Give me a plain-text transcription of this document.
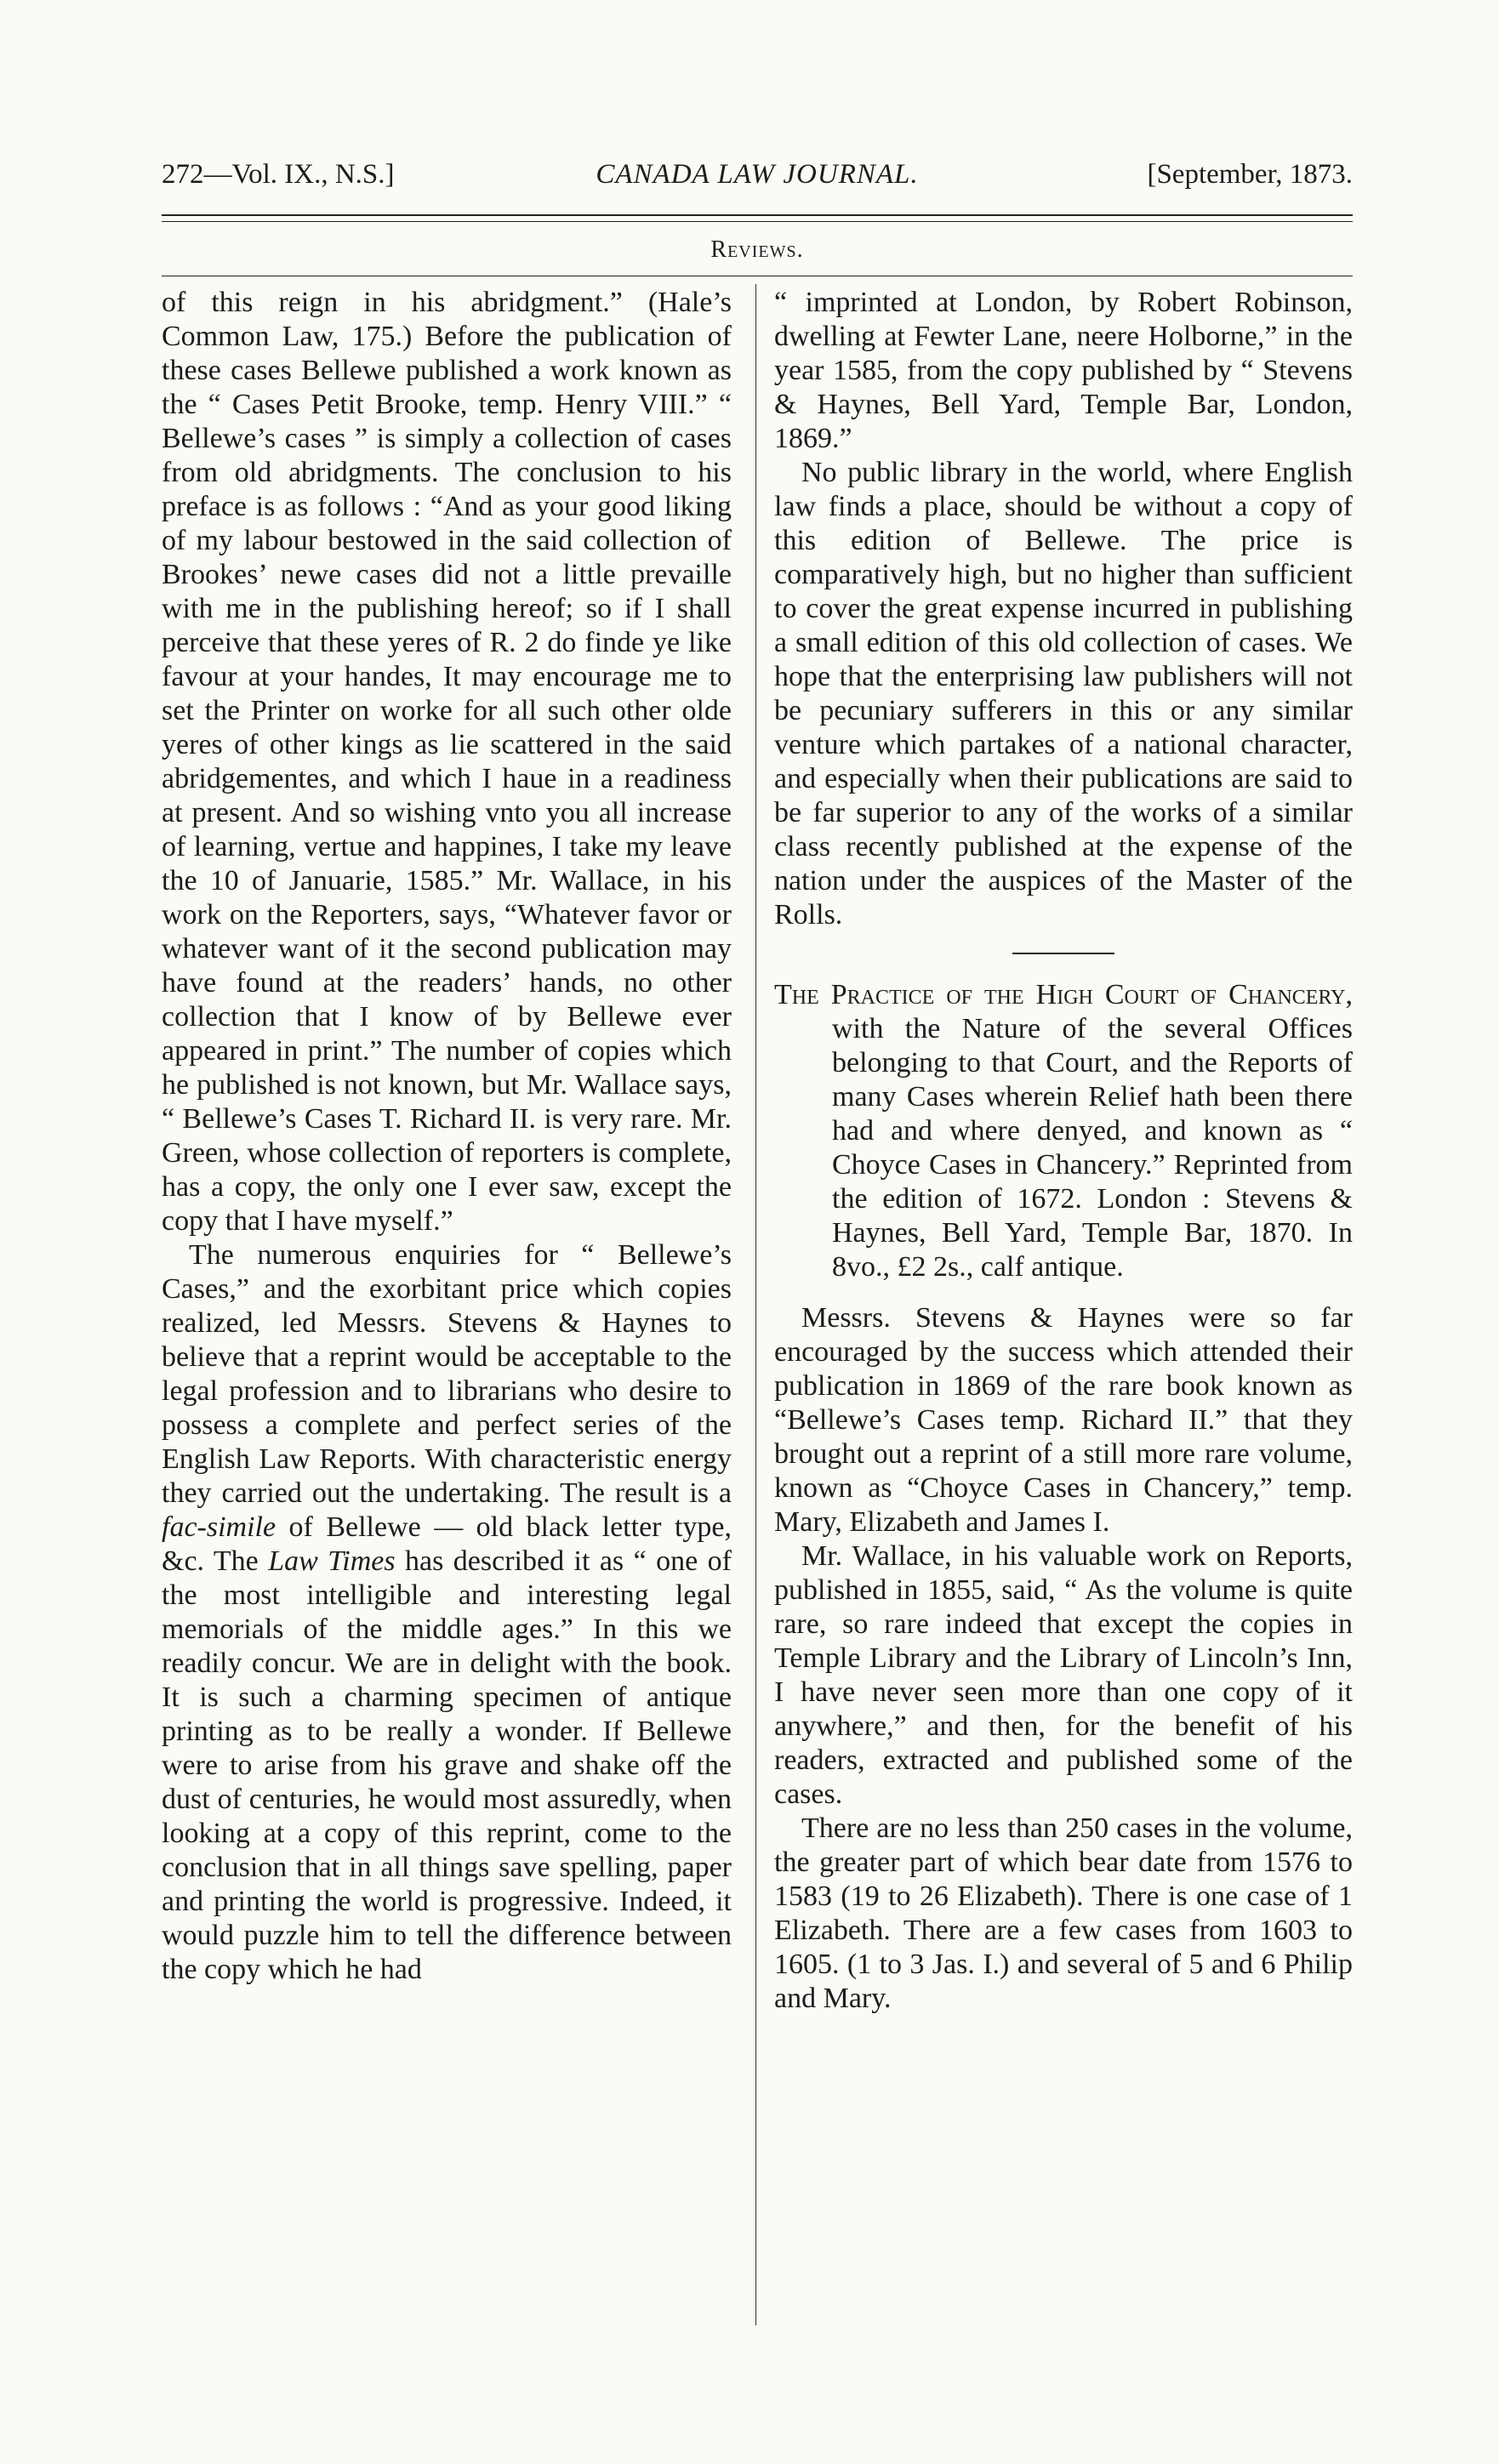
272—Vol. IX., N.S.]	CANADA LAW JOURNAL.	[September, 1873.
Reviews.

of this reign in his abridgment.” (Hale’s Common Law, 175.) Before the publication of these cases Bellewe published a work known as the “ Cases Petit Brooke, temp. Henry VIII.” “ Bellewe’s cases ” is simply a collection of cases from old abridgments. The conclusion to his preface is as follows : “And as your good liking of my labour bestowed in the said collection of Brookes’ newe cases did not a little prevaille with me in the publishing hereof; so if I shall perceive that these yeres of R. 2 do finde ye like favour at your handes, It may encourage me to set the Printer on worke for all such other olde yeres of other kings as lie scattered in the said abridgementes, and which I haue in a readiness at present. And so wishing vnto you all increase of learning, vertue and happines, I take my leave the 10 of Januarie, 1585.” Mr. Wallace, in his work on the Reporters, says, “Whatever favor or whatever want of it the second publication may have found at the readers’ hands, no other collection that I know of by Bellewe ever appeared in print.” The number of copies which he published is not known, but Mr. Wallace says, “ Bellewe’s Cases T. Richard II. is very rare. Mr. Green, whose collection of reporters is complete, has a copy, the only one I ever saw, except the copy that I have myself.”

The numerous enquiries for “ Bellewe’s Cases,” and the exorbitant price which copies realized, led Messrs. Stevens & Haynes to believe that a reprint would be acceptable to the legal profession and to librarians who desire to possess a complete and perfect series of the English Law Reports. With characteristic energy they carried out the undertaking. The result is a fac-simile of Bellewe — old black letter type, &c. The Law Times has described it as “ one of the most intelligible and interesting legal memorials of the middle ages.” In this we readily concur. We are in delight with the book. It is such a charming specimen of antique printing as to be really a wonder. If Bellewe were to arise from his grave and shake off the dust of centuries, he would most assuredly, when looking at a copy of this reprint, come to the conclusion that in all things save spelling, paper and printing the world is progressive. Indeed, it would puzzle him to tell the difference between the copy which he had

“ imprinted at London, by Robert Robinson, dwelling at Fewter Lane, neere Holborne,” in the year 1585, from the copy published by “ Stevens & Haynes, Bell Yard, Temple Bar, London, 1869.”

No public library in the world, where English law finds a place, should be without a copy of this edition of Bellewe. The price is comparatively high, but no higher than sufficient to cover the great expense incurred in publishing a small edition of this old collection of cases. We hope that the enterprising law publishers will not be pecuniary sufferers in this or any similar venture which partakes of a national character, and especially when their publications are said to be far superior to any of the works of a similar class recently published at the expense of the nation under the auspices of the Master of the Rolls.

The Practice of the High Court of Chancery, with the Nature of the several Offices belonging to that Court, and the Reports of many Cases wherein Relief hath been there had and where denyed, and known as “ Choyce Cases in Chancery.” Reprinted from the edition of 1672. London : Stevens & Haynes, Bell Yard, Temple Bar, 1870. In 8vo., £2 2s., calf antique.

Messrs. Stevens & Haynes were so far encouraged by the success which attended their publication in 1869 of the rare book known as “Bellewe’s Cases temp. Richard II.” that they brought out a reprint of a still more rare volume, known as “Choyce Cases in Chancery,” temp. Mary, Elizabeth and James I.

Mr. Wallace, in his valuable work on Reports, published in 1855, said, “ As the volume is quite rare, so rare indeed that except the copies in Temple Library and the Library of Lincoln’s Inn, I have never seen more than one copy of it anywhere,” and then, for the benefit of his readers, extracted and published some of the cases.

There are no less than 250 cases in the volume, the greater part of which bear date from 1576 to 1583 (19 to 26 Elizabeth). There is one case of 1 Elizabeth. There are a few cases from 1603 to 1605. (1 to 3 Jas. I.) and several of 5 and 6 Philip and Mary.
